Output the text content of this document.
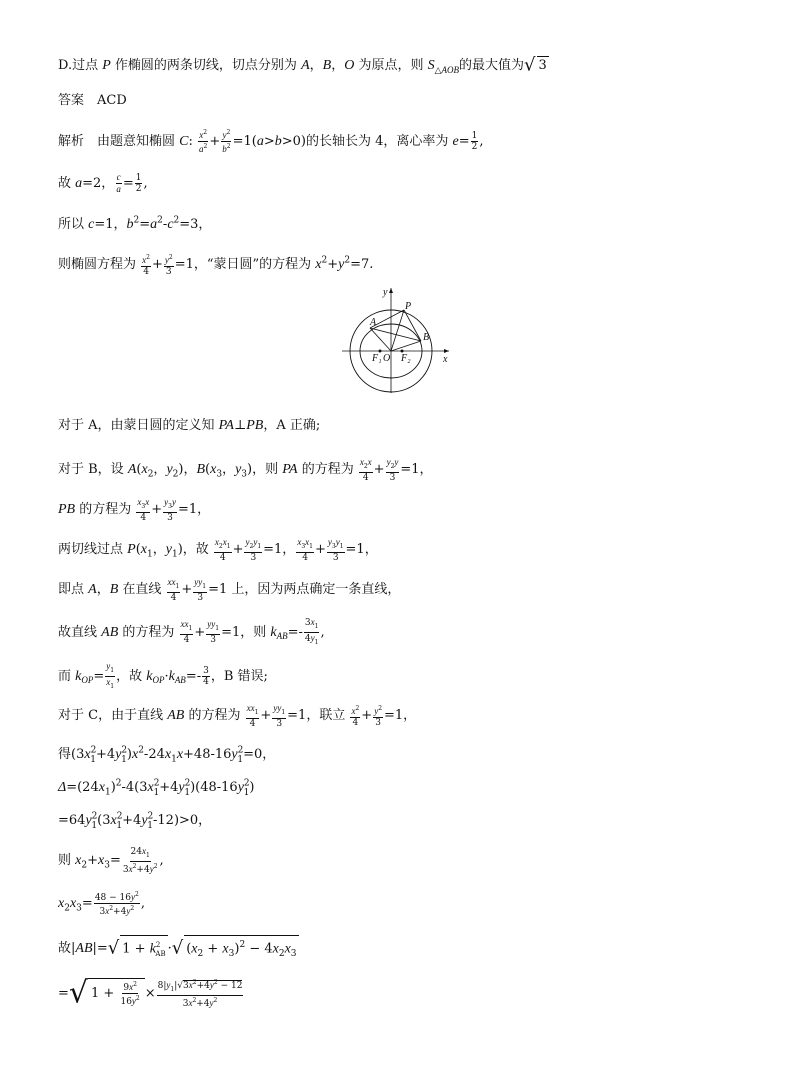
D.过点 P 作椭圆的两条切线，切点分别为 A，B，O 为原点，则 $S_{\triangle AOB}$的最大值为√ 3
答案　ACD
解析　由题意知椭圆 C: $\frac{x^2}{a^2} + \frac{y^2}{b^2} =1(a>b>0)$的长轴长为 4，离心率为 $e= \frac{1}{2}$ ,
故 a=2， $\frac{c}{a} = \frac{1}{2}$ ,
所以 c=1，$b^2=a^2-c^2=3$，
则椭圆方程为 $\frac{x^2}{4} + \frac{y^2}{3} =1$，“蒙日圆”的方程为 $x^2+y^2=7$.
y
P
A
B
F₁ O F₂	x
对于 A，由蒙日圆的定义知 PA⊥PB，A 正确;
对于 B，设 $A(x_2$，$y_2$)，$B(x_3$，$y_3$)，则 PA 的方程为 $\frac{x_2x}{4} + \frac{y_2y}{3} =1$，
PB 的方程为 $\frac{x_3x}{4} + \frac{y_3y}{3} =1$，
两切线过点 $P(x_1$，$y_1$)，故 $\frac{x_2x_1}{4} + \frac{y_2y_1}{3} =1$， $\frac{x_3x_1}{4} + \frac{y_3y_1}{3} =1$，
即点 A，B 在直线 $\frac{xx_1}{4} + \frac{yy_1}{3} =1$ 上，因为两点确定一条直线，
故直线 AB 的方程为 $\frac{xx_1}{4} + \frac{yy_1}{3} =1$，则 $k_{AB}=- \frac{3x_1}{4y_1}$ ,
而 $k_{OP}= \frac{y_1}{x_1}$ ，故 $k_{OP}\cdot k_{AB}=- \frac{3}{4}$ ，B 错误;
对于 C，由于直线 AB 的方程为 $\frac{xx_1}{4} + \frac{yy_1}{3} =1$，联立 $\frac{x^2}{4} + \frac{y^2}{3} =1$，
得$(3x^2_1+4y^2_1)x^2-24x_1x+48-16y^2_1=0$，
$\Delta=(24x_1)^2-4(3x^2_1+4y^2_1)(48-16y^2_1)$
$=64y^2_1(3x^2_1+4y^2_1-12)>0$，
则 $x_2+x_3= \frac{24x_1}{3x^2+4y^2}$ ,
$x_2x_3= \frac{48 - 16y^2}{3x^2+4y^2}$ ,
故|AB|=√ $1 + k^2_{AB}$ ·√ $(x_2 + x_3)^2 - 4x_2x_3$
=√ $1 + \frac{9x^2}{16y^2} \times \frac{8|y_1|√3x^2+4y^2 - 12}{3x^2+4y^2}$
